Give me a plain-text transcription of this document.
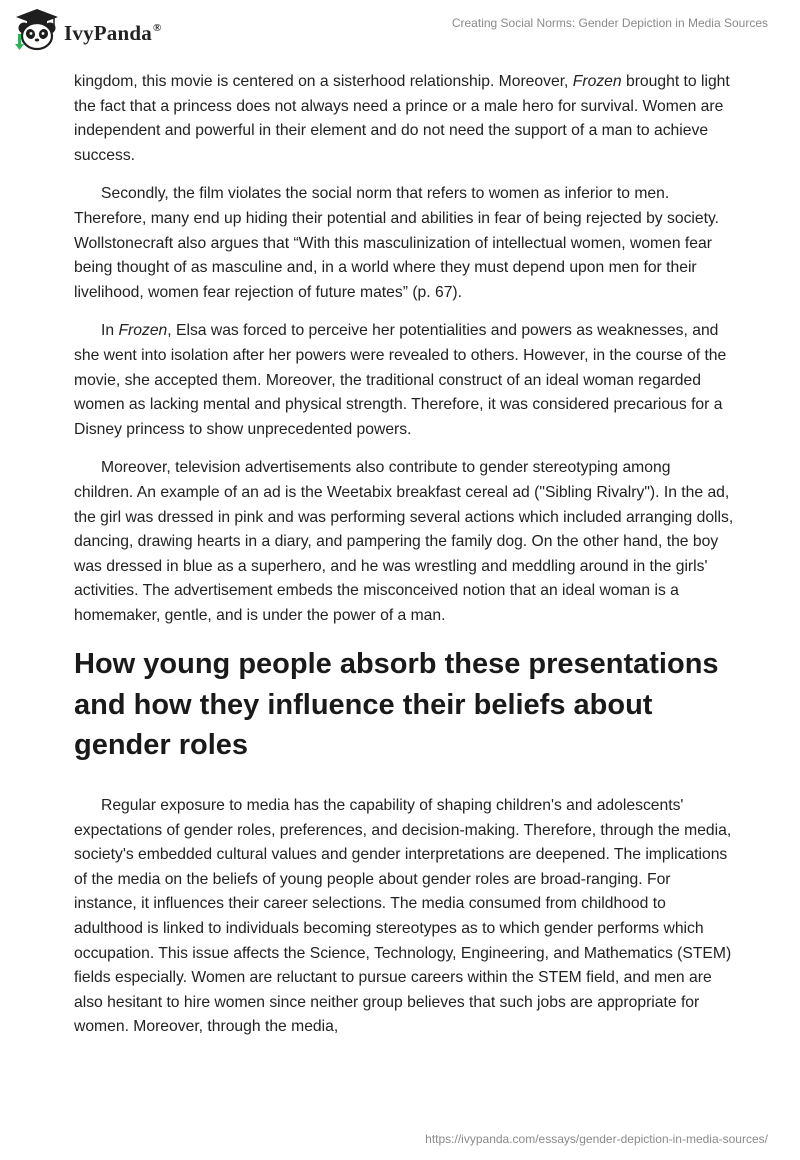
IvyPanda®	Creating Social Norms: Gender Depiction in Media Sources

kingdom, this movie is centered on a sisterhood relationship. Moreover, Frozen brought to light the fact that a princess does not always need a prince or a male hero for survival. Women are independent and powerful in their element and do not need the support of a man to achieve success.

Secondly, the film violates the social norm that refers to women as inferior to men. Therefore, many end up hiding their potential and abilities in fear of being rejected by society. Wollstonecraft also argues that “With this masculinization of intellectual women, women fear being thought of as masculine and, in a world where they must depend upon men for their livelihood, women fear rejection of future mates” (p. 67).

In Frozen, Elsa was forced to perceive her potentialities and powers as weaknesses, and she went into isolation after her powers were revealed to others. However, in the course of the movie, she accepted them. Moreover, the traditional construct of an ideal woman regarded women as lacking mental and physical strength. Therefore, it was considered precarious for a Disney princess to show unprecedented powers.

Moreover, television advertisements also contribute to gender stereotyping among children. An example of an ad is the Weetabix breakfast cereal ad ("Sibling Rivalry"). In the ad, the girl was dressed in pink and was performing several actions which included arranging dolls, dancing, drawing hearts in a diary, and pampering the family dog. On the other hand, the boy was dressed in blue as a superhero, and he was wrestling and meddling around in the girls' activities. The advertisement embeds the misconceived notion that an ideal woman is a homemaker, gentle, and is under the power of a man.

How young people absorb these presentations and how they influence their beliefs about gender roles

Regular exposure to media has the capability of shaping children's and adolescents' expectations of gender roles, preferences, and decision-making. Therefore, through the media, society's embedded cultural values and gender interpretations are deepened. The implications of the media on the beliefs of young people about gender roles are broad-ranging. For instance, it influences their career selections. The media consumed from childhood to adulthood is linked to individuals becoming stereotypes as to which gender performs which occupation. This issue affects the Science, Technology, Engineering, and Mathematics (STEM) fields especially. Women are reluctant to pursue careers within the STEM field, and men are also hesitant to hire women since neither group believes that such jobs are appropriate for women. Moreover, through the media,

https://ivypanda.com/essays/gender-depiction-in-media-sources/
